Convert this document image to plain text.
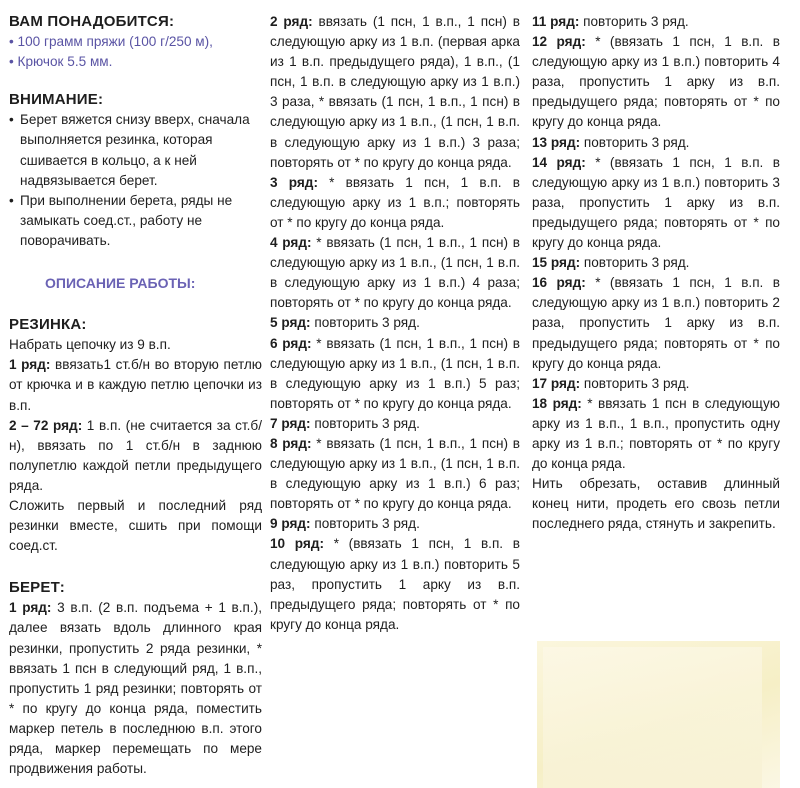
ВАМ ПОНАДОБИТСЯ:

• 100 грамм пряжи (100 г/250 м),

• Крючок 5.5 мм.

ВНИМАНИЕ:

• Берет вяжется снизу вверх, сначала выполняется резинка, которая сшивается в кольцо, а к ней надвязывается берет.

• При выполнении берета, ряды не замыкать соед.ст., работу не поворачивать.

ОПИСАНИЕ РАБОТЫ:

РЕЗИНКА:

Набрать цепочку из 9 в.п.

1 ряд: ввязать1 ст.б/н во вторую петлю от крючка и в каждую петлю цепочки из в.п.

2 – 72 ряд: 1 в.п. (не считается за ст.б/н), ввязать по 1 ст.б/н в заднюю полупетлю каждой петли предыдущего ряда.

Сложить первый и последний ряд резинки вместе, сшить при помощи соед.ст.

БЕРЕТ:

1 ряд: 3 в.п. (2 в.п. подъема + 1 в.п.), далее вязать вдоль длинного края резинки, пропустить 2 ряда резинки, * ввязать 1 псн в следующий ряд, 1 в.п., пропустить 1 ряд резинки; повторять от * по кругу до конца ряда, поместить маркер петель в последнюю в.п. этого ряда, маркер перемещать по мере продвижения работы.

2 ряд: ввязать (1 псн, 1 в.п., 1 псн) в следующую арку из 1 в.п. (первая арка из 1 в.п. предыдущего ряда), 1 в.п., (1 псн, 1 в.п. в следующую арку из 1 в.п.) 3 раза, * ввязать (1 псн, 1 в.п., 1 псн) в следующую арку из 1 в.п., (1 псн, 1 в.п. в следующую арку из 1 в.п.) 3 раза; повторять от * по кругу до конца ряда.

3 ряд: * ввязать 1 псн, 1 в.п. в следующую арку из 1 в.п.; повторять от * по кругу до конца ряда.

4 ряд: * ввязать (1 псн, 1 в.п., 1 псн) в следующую арку из 1 в.п., (1 псн, 1 в.п. в следующую арку из 1 в.п.) 4 раза; повторять от * по кругу до конца ряда.

5 ряд: повторить 3 ряд.

6 ряд: * ввязать (1 псн, 1 в.п., 1 псн) в следующую арку из 1 в.п., (1 псн, 1 в.п. в следующую арку из 1 в.п.) 5 раз; повторять от * по кругу до конца ряда.

7 ряд: повторить 3 ряд.

8 ряд: * ввязать (1 псн, 1 в.п., 1 псн) в следующую арку из 1 в.п., (1 псн, 1 в.п. в следующую арку из 1 в.п.) 6 раз; повторять от * по кругу до конца ряда.

9 ряд: повторить 3 ряд.

10 ряд: * (ввязать 1 псн, 1 в.п. в следующую арку из 1 в.п.) повторить 5 раз, пропустить 1 арку из в.п. предыдущего ряда; повторять от * по кругу до конца ряда.

11 ряд: повторить 3 ряд.

12 ряд: * (ввязать 1 псн, 1 в.п. в следующую арку из 1 в.п.) повторить 4 раза, пропустить 1 арку из в.п. предыдущего ряда; повторять от * по кругу до конца ряда.

13 ряд: повторить 3 ряд.

14 ряд: * (ввязать 1 псн, 1 в.п. в следующую арку из 1 в.п.) повторить 3 раза, пропустить 1 арку из в.п. предыдущего ряда; повторять от * по кругу до конца ряда.

15 ряд: повторить 3 ряд.

16 ряд: * (ввязать 1 псн, 1 в.п. в следующую арку из 1 в.п.) повторить 2 раза, пропустить 1 арку из в.п. предыдущего ряда; повторять от * по кругу до конца ряда.

17 ряд: повторить 3 ряд.

18 ряд: * ввязать 1 псн в следующую арку из 1 в.п., 1 в.п., пропустить одну арку из 1 в.п.; повторять от * по кругу до конца ряда.

Нить обрезать, оставив длинный конец нити, продеть его свозь петли последнего ряда, стянуть и закрепить.
